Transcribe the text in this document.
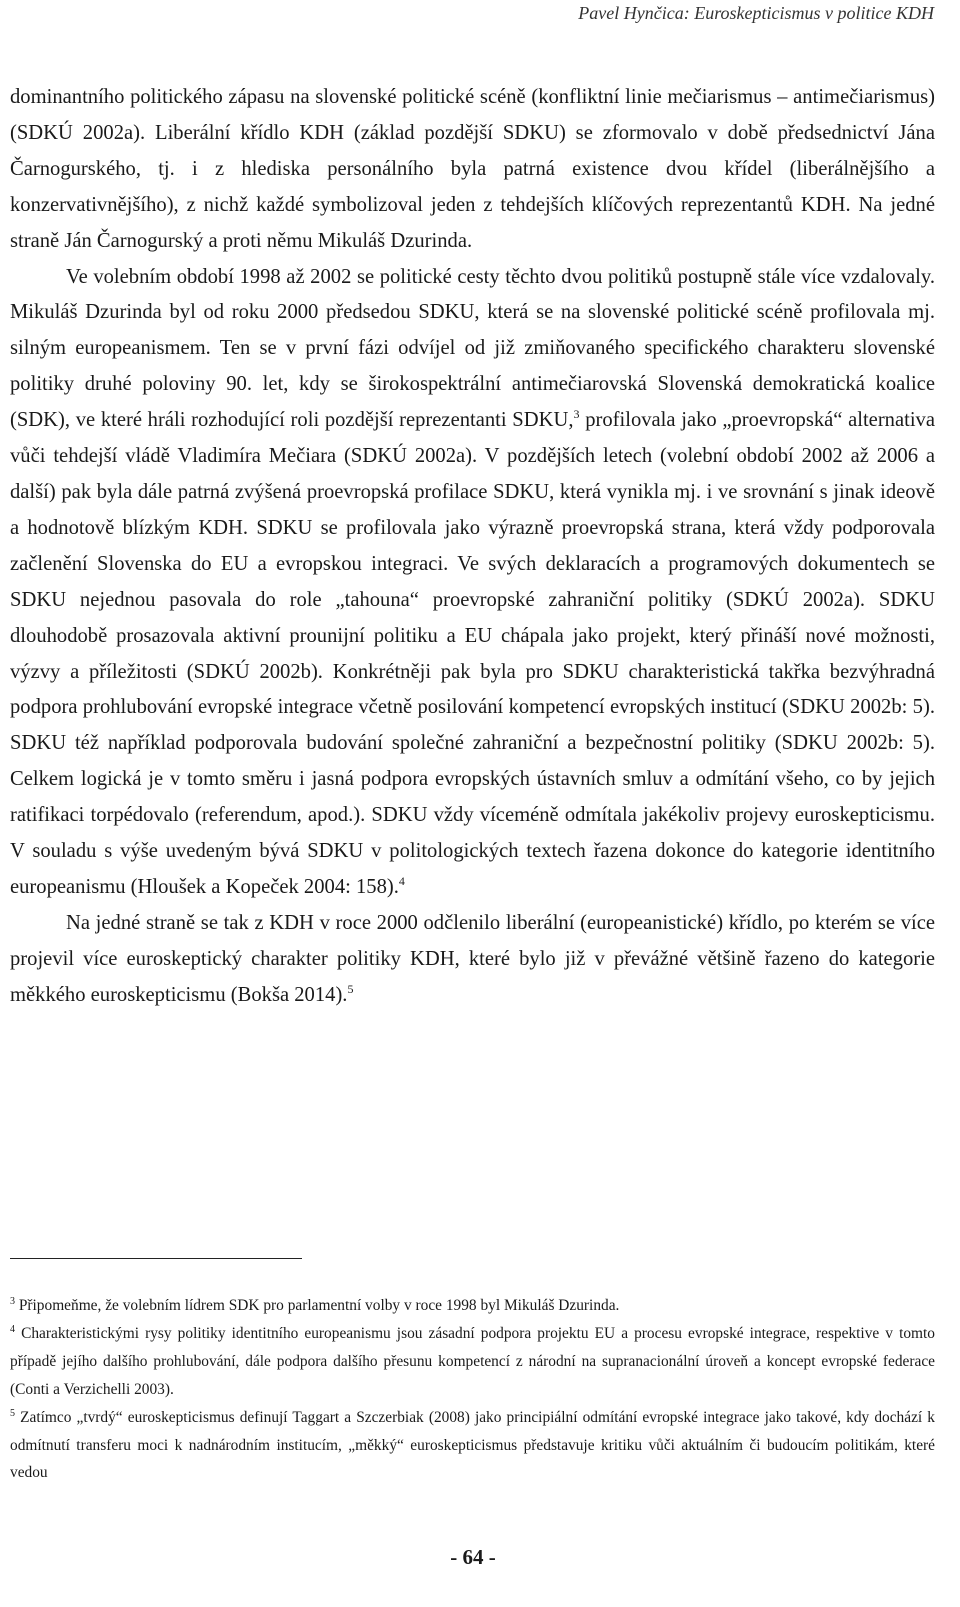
Pavel Hynčica: Euroskepticismus v politice KDH

dominantního politického zápasu na slovenské politické scéně (konfliktní linie mečiarismus – antimečiarismus) (SDKÚ 2002a). Liberální křídlo KDH (základ pozdější SDKU) se zformovalo v době předsednictví Jána Čarnogurského, tj. i z hlediska personálního byla patrná existence dvou křídel (liberálnějšího a konzervativnějšího), z nichž každé symbolizoval jeden z tehdejších klíčových reprezentantů KDH. Na jedné straně Ján Čarnogurský a proti němu Mikuláš Dzurinda.

Ve volebním období 1998 až 2002 se politické cesty těchto dvou politiků postupně stále více vzdalovaly. Mikuláš Dzurinda byl od roku 2000 předsedou SDKU, která se na slovenské politické scéně profilovala mj. silným europeanismem. Ten se v první fázi odvíjel od již zmiňovaného specifického charakteru slovenské politiky druhé poloviny 90. let, kdy se širokospektrální antimečiarovská Slovenská demokratická koalice (SDK), ve které hráli rozhodující roli pozdější reprezentanti SDKU,$^3$ profilovala jako „proevropská“ alternativa vůči tehdejší vládě Vladimíra Mečiara (SDKÚ 2002a). V pozdějších letech (volební období 2002 až 2006 a další) pak byla dále patrná zvýšená proevropská profilace SDKU, která vynikla mj. i ve srovnání s jinak ideově a hodnotově blízkým KDH. SDKU se profilovala jako výrazně proevropská strana, která vždy podporovala začlenění Slovenska do EU a evropskou integraci. Ve svých deklaracích a programových dokumentech se SDKU nejednou pasovala do role „tahouna“ proevropské zahraniční politiky (SDKÚ 2002a). SDKU dlouhodobě prosazovala aktivní prounijní politiku a EU chápala jako projekt, který přináší nové možnosti, výzvy a příležitosti (SDKÚ 2002b). Konkrétněji pak byla pro SDKU charakteristická takřka bezvýhradná podpora prohlubování evropské integrace včetně posilování kompetencí evropských institucí (SDKU 2002b: 5). SDKU též například podporovala budování společné zahraniční a bezpečnostní politiky (SDKU 2002b: 5). Celkem logická je v tomto směru i jasná podpora evropských ústavních smluv a odmítání všeho, co by jejich ratifikaci torpédovalo (referendum, apod.). SDKU vždy víceméně odmítala jakékoliv projevy euroskepticismu. V souladu s výše uvedeným bývá SDKU v politologických textech řazena dokonce do kategorie identitního europeanismu (Hloušek a Kopeček 2004: 158).$^4$

Na jedné straně se tak z KDH v roce 2000 odčlenilo liberální (europeanistické) křídlo, po kterém se více projevil více euroskeptický charakter politiky KDH, které bylo již v převážné většině řazeno do kategorie měkkého euroskepticismu (Bokša 2014).$^5$

$^3$ Připomeňme, že volebním lídrem SDK pro parlamentní volby v roce 1998 byl Mikuláš Dzurinda.

$^4$ Charakteristickými rysy politiky identitního europeanismu jsou zásadní podpora projektu EU a procesu evropské integrace, respektive v tomto případě jejího dalšího prohlubování, dále podpora dalšího přesunu kompetencí z národní na supranacionální úroveň a koncept evropské federace (Conti a Verzichelli 2003).

$^5$ Zatímco „tvrdý“ euroskepticismus definují Taggart a Szczerbiak (2008) jako principiální odmítání evropské integrace jako takové, kdy dochází k odmítnutí transferu moci k nadnárodním institucím, „měkký“ euroskepticismus představuje kritiku vůči aktuálním či budoucím politikám, které vedou

- 64 -
